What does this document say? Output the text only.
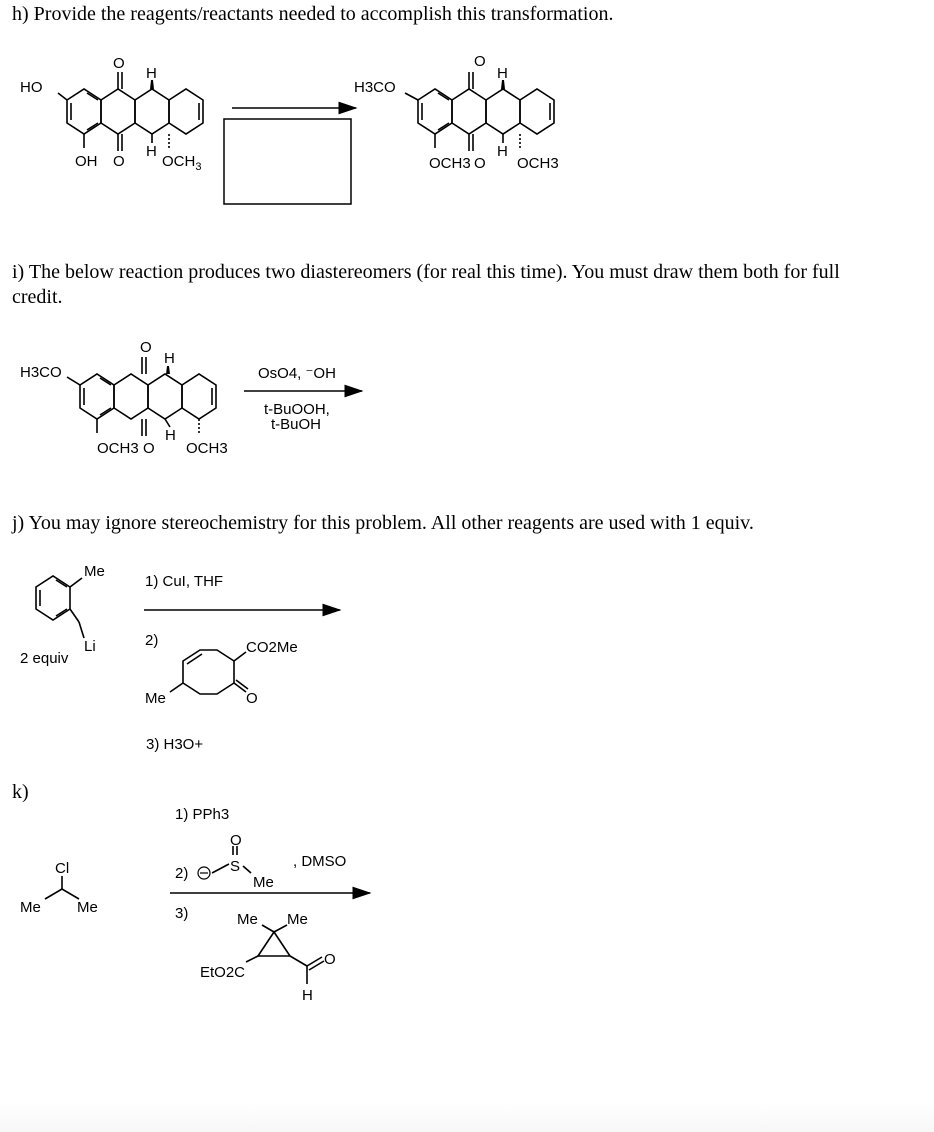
h) Provide the reagents/reactants needed to accomplish this transformation.
i) The below reaction produces two diastereomers (for real this time). You must draw them both for full credit.
j) You may ignore stereochemistry for this problem. All other reagents are used with 1 equiv.
k)
HO
OH O
O
H
H
$OCH_3$
H3CO
OCH3 O
O
H
H
OCH3
H3CO
OCH3 O
O
H
H
OCH3
OsO4, ⁻OH
t-BuOOH,
t-BuOH
Me
Li
2 equiv
1) CuI, THF
2)	CO2Me
Me	O
3) H3O+
Cl
Me Me
1) PPh3
2)
O
S
Me
, DMSO
3)	Me Me
EtO2C
O
H
